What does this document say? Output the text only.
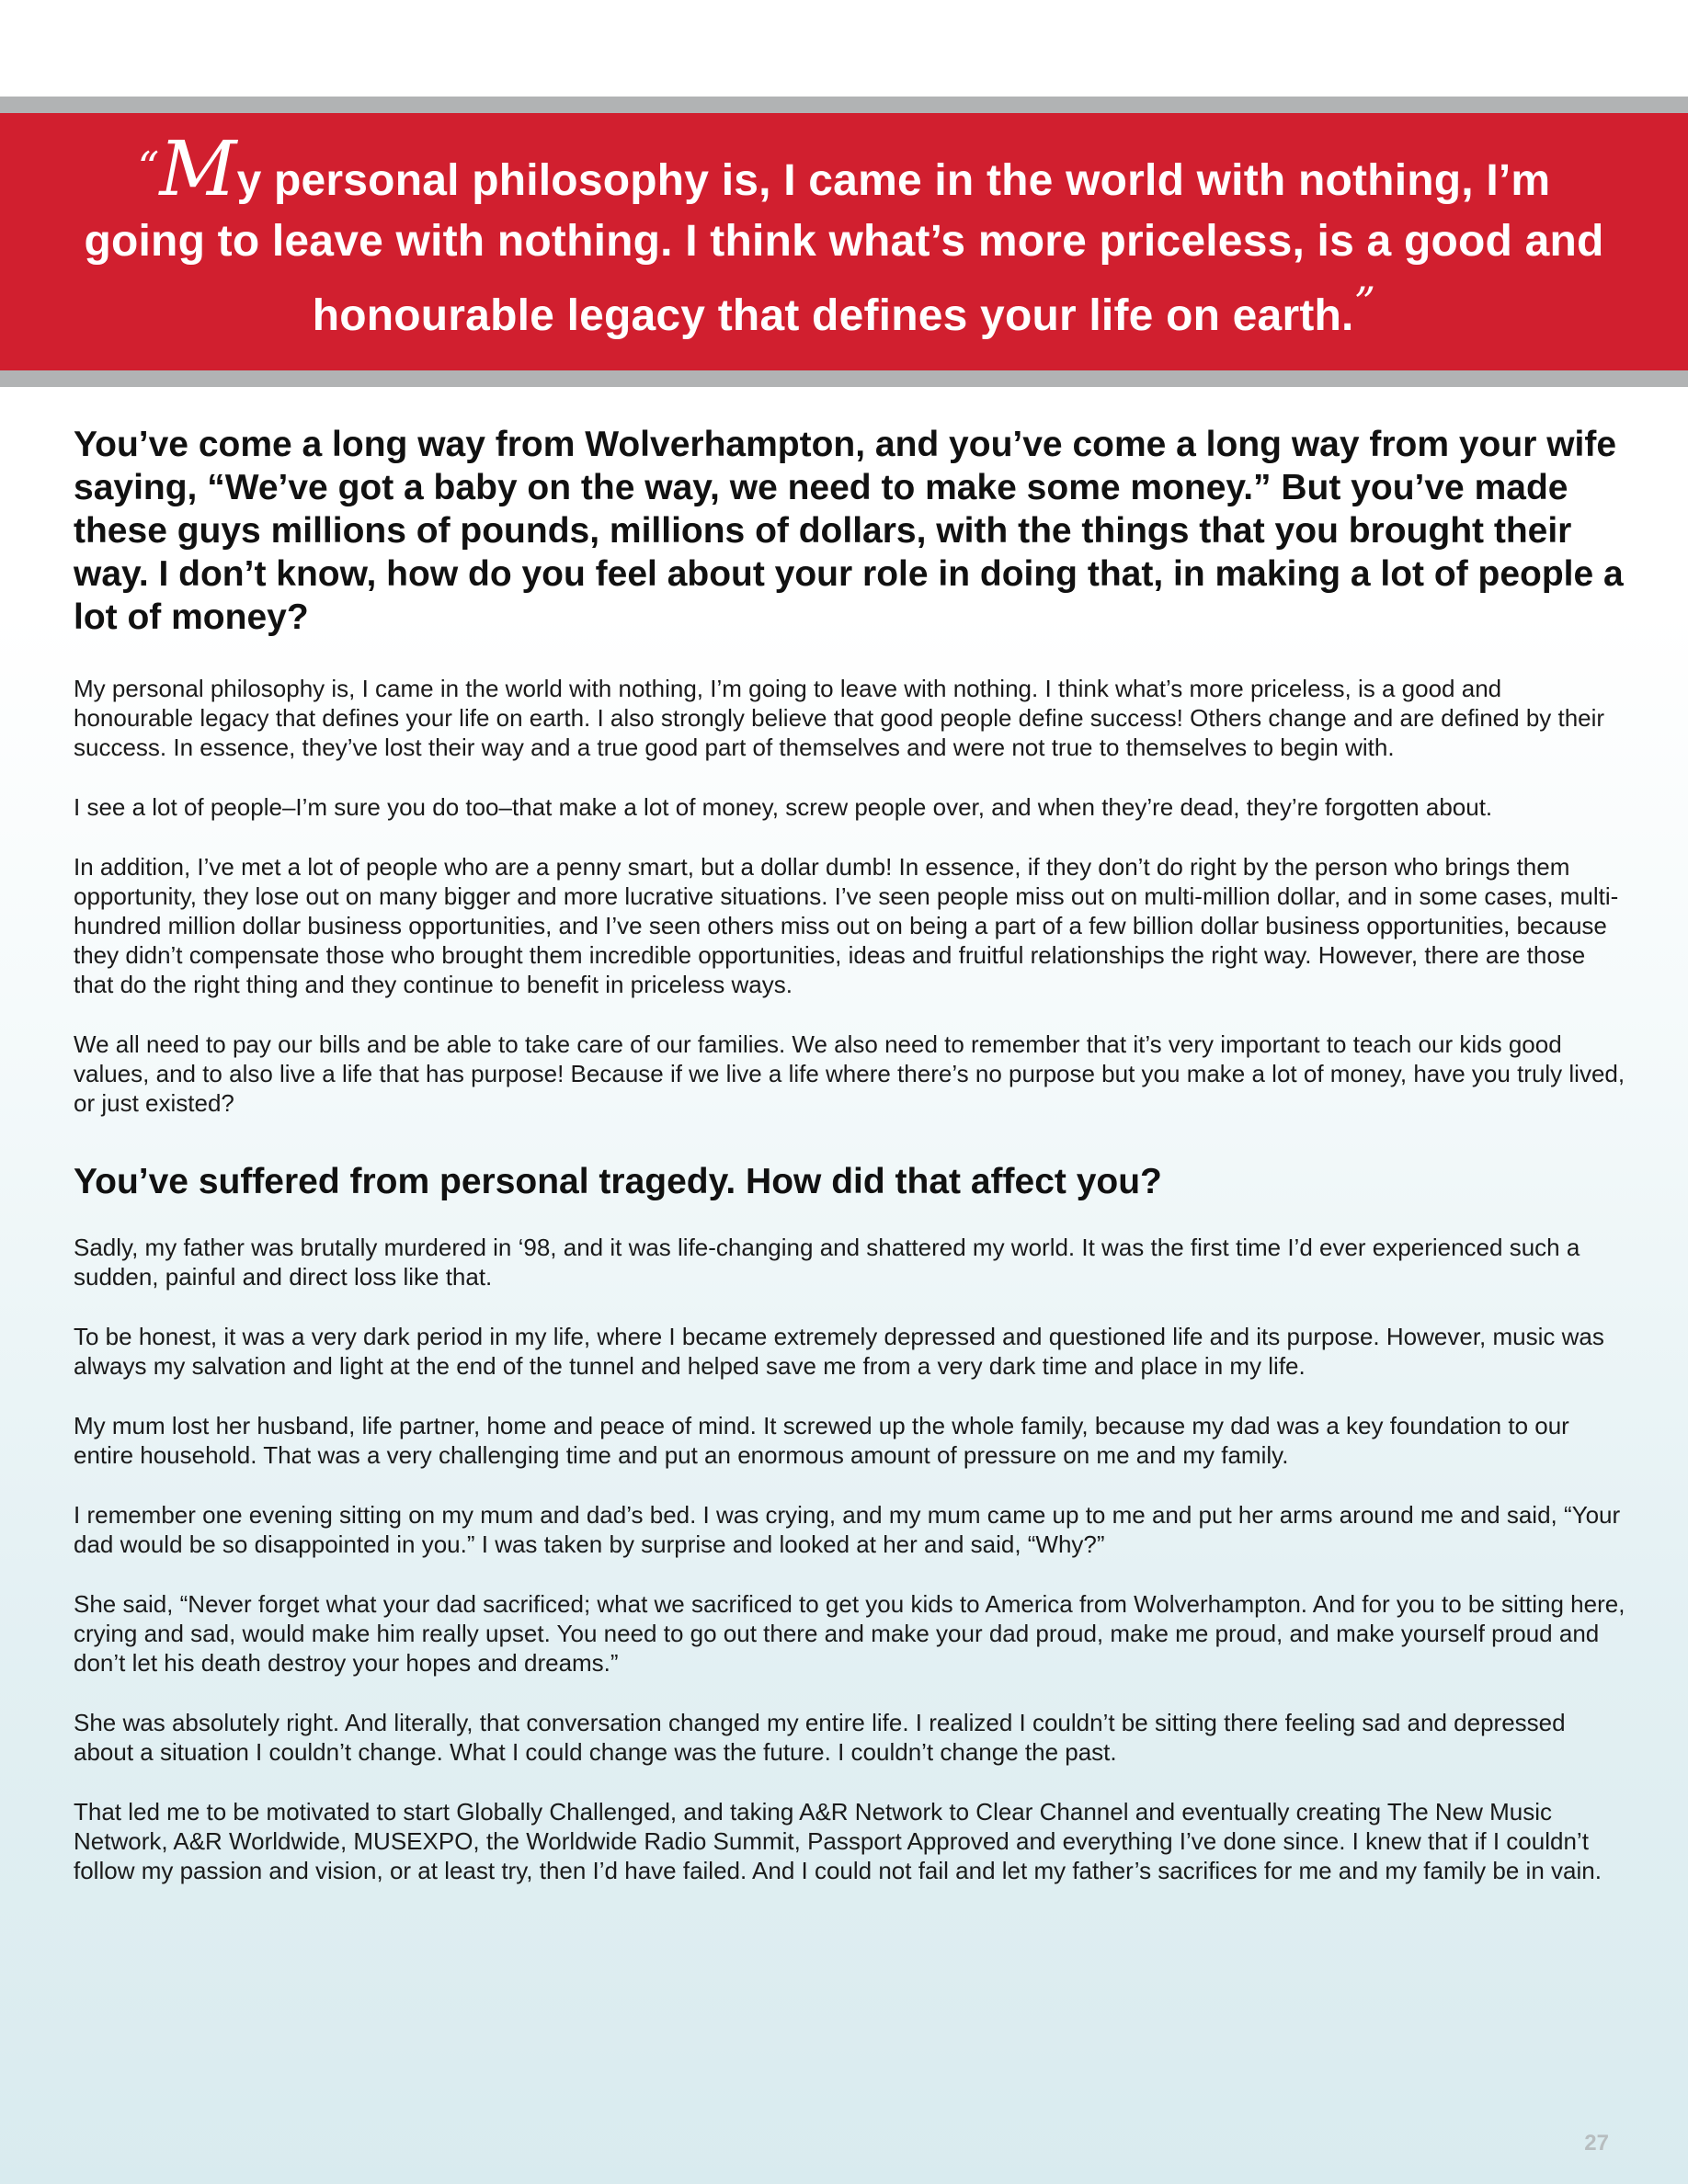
“My personal philosophy is, I came in the world with nothing, I’m going to leave with nothing. I think what’s more priceless, is a good and honourable legacy that defines your life on earth.”

You’ve come a long way from Wolverhampton, and you’ve come a long way from your wife saying, “We’ve got a baby on the way, we need to make some money.” But you’ve made these guys millions of pounds, millions of dollars, with the things that you brought their way. I don’t know, how do you feel about your role in doing that, in making a lot of people a lot of money?

My personal philosophy is, I came in the world with nothing, I’m going to leave with nothing. I think what’s more priceless, is a good and honourable legacy that defines your life on earth. I also strongly believe that good people define success! Others change and are defined by their success. In essence, they’ve lost their way and a true good part of themselves and were not true to themselves to begin with.

I see a lot of people–I’m sure you do too–that make a lot of money, screw people over, and when they’re dead, they’re forgotten about.

In addition, I’ve met a lot of people who are a penny smart, but a dollar dumb! In essence, if they don’t do right by the person who brings them opportunity, they lose out on many bigger and more lucrative situations. I’ve seen people miss out on multi-million dollar, and in some cases, multi-hundred million dollar business opportunities, and I’ve seen others miss out on being a part of a few billion dollar business opportunities, because they didn’t compensate those who brought them incredible opportunities, ideas and fruitful relationships the right way. However, there are those that do the right thing and they continue to benefit in priceless ways.

We all need to pay our bills and be able to take care of our families. We also need to remember that it’s very important to teach our kids good values, and to also live a life that has purpose! Because if we live a life where there’s no purpose but you make a lot of money, have you truly lived, or just existed?

You’ve suffered from personal tragedy. How did that affect you?

Sadly, my father was brutally murdered in ‘98, and it was life-changing and shattered my world. It was the first time I’d ever experienced such a sudden, painful and direct loss like that.

To be honest, it was a very dark period in my life, where I became extremely depressed and questioned life and its purpose. However, music was always my salvation and light at the end of the tunnel and helped save me from a very dark time and place in my life.

My mum lost her husband, life partner, home and peace of mind. It screwed up the whole family, because my dad was a key foundation to our entire household. That was a very challenging time and put an enormous amount of pressure on me and my family.

I remember one evening sitting on my mum and dad’s bed. I was crying, and my mum came up to me and put her arms around me and said, “Your dad would be so disappointed in you.” I was taken by surprise and looked at her and said, “Why?”

She said, “Never forget what your dad sacrificed; what we sacrificed to get you kids to America from Wolverhampton. And for you to be sitting here, crying and sad, would make him really upset. You need to go out there and make your dad proud, make me proud, and make yourself proud and don’t let his death destroy your hopes and dreams.”

She was absolutely right. And literally, that conversation changed my entire life. I realized I couldn’t be sitting there feeling sad and depressed about a situation I couldn’t change. What I could change was the future. I couldn’t change the past.

That led me to be motivated to start Globally Challenged, and taking A&R Network to Clear Channel and eventually creating The New Music Network, A&R Worldwide, MUSEXPO, the Worldwide Radio Summit, Passport Approved and everything I’ve done since. I knew that if I couldn’t follow my passion and vision, or at least try, then I’d have failed. And I could not fail and let my father’s sacrifices for me and my family be in vain.

27
